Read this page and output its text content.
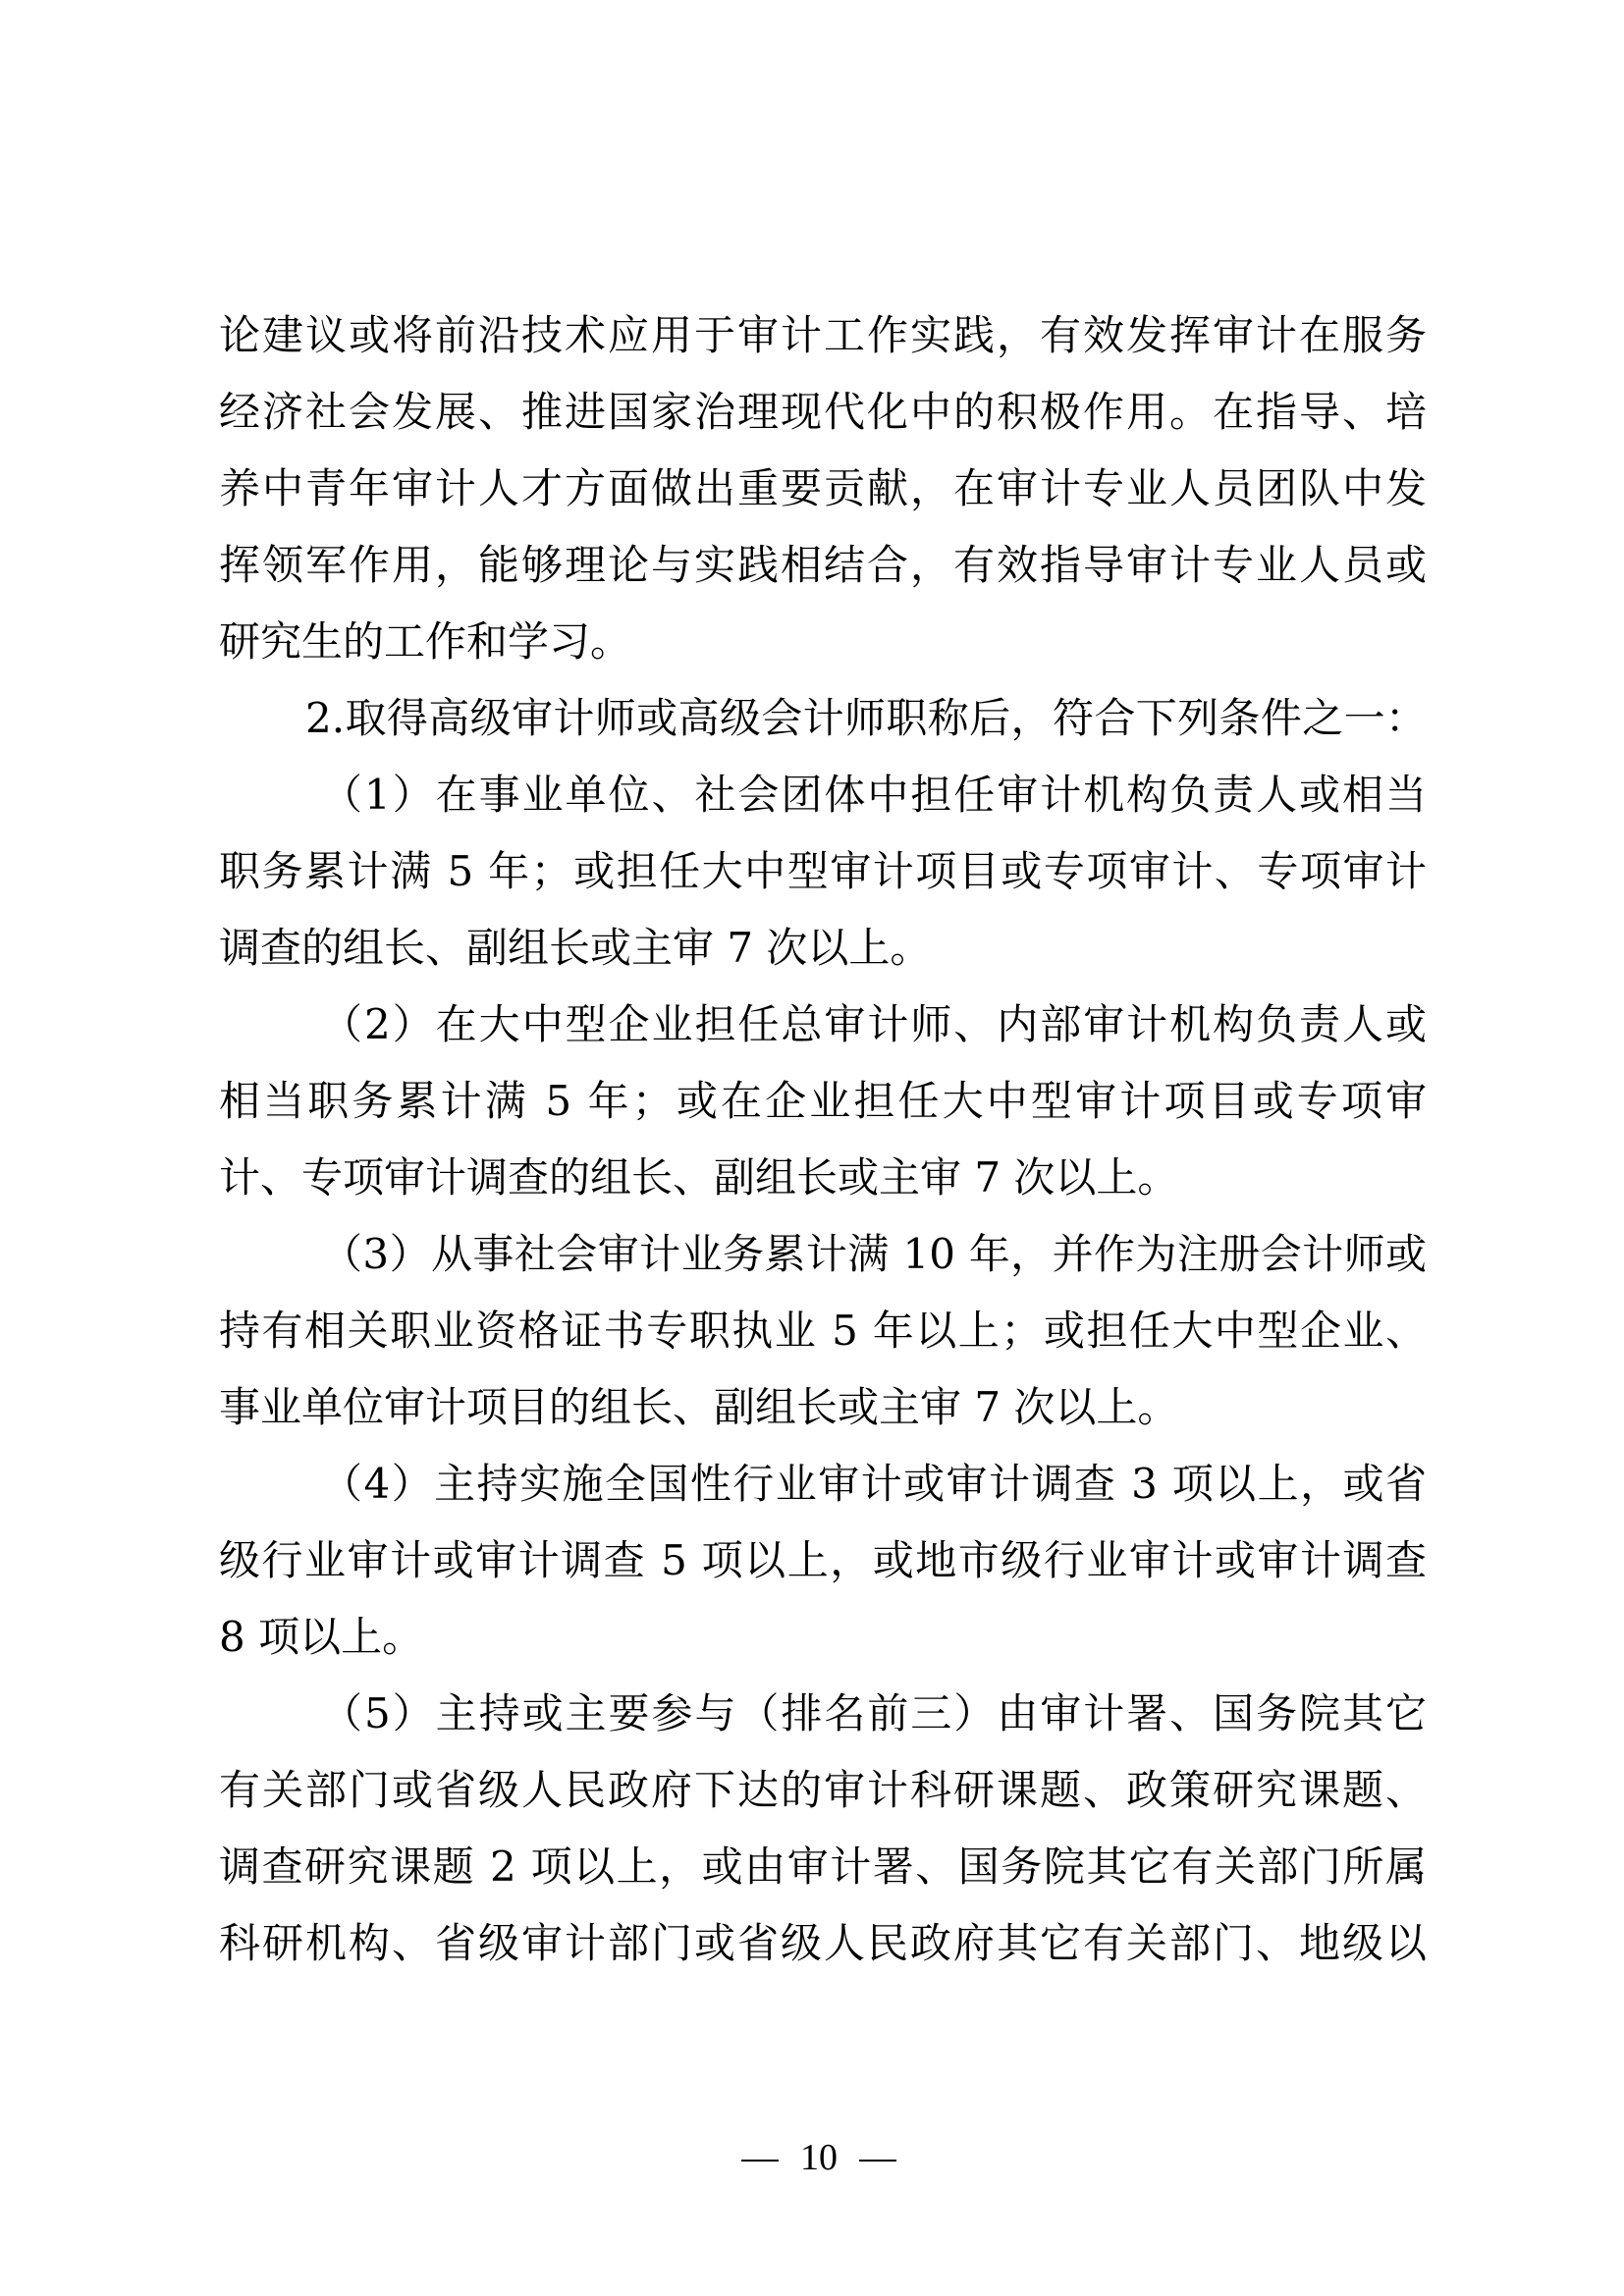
论建议或将前沿技术应用于审计工作实践，有效发挥审计在服务
经济社会发展、推进国家治理现代化中的积极作用。在指导、培
养中青年审计人才方面做出重要贡献，在审计专业人员团队中发
挥领军作用，能够理论与实践相结合，有效指导审计专业人员或
研究生的工作和学习。
2.取得高级审计师或高级会计师职称后，符合下列条件之一：
（1）在事业单位、社会团体中担任审计机构负责人或相当
职务累计满 5 年；或担任大中型审计项目或专项审计、专项审计
调查的组长、副组长或主审 7 次以上。
（2）在大中型企业担任总审计师、内部审计机构负责人或
相当职务累计满 5 年；或在企业担任大中型审计项目或专项审
计、专项审计调查的组长、副组长或主审 7 次以上。
（3）从事社会审计业务累计满 10 年，并作为注册会计师或
持有相关职业资格证书专职执业 5 年以上；或担任大中型企业、
事业单位审计项目的组长、副组长或主审 7 次以上。
（4）主持实施全国性行业审计或审计调查 3 项以上，或省
级行业审计或审计调查 5 项以上，或地市级行业审计或审计调查
8 项以上。
（5）主持或主要参与（排名前三）由审计署、国务院其它
有关部门或省级人民政府下达的审计科研课题、政策研究课题、
调查研究课题 2 项以上，或由审计署、国务院其它有关部门所属
科研机构、省级审计部门或省级人民政府其它有关部门、地级以
10
